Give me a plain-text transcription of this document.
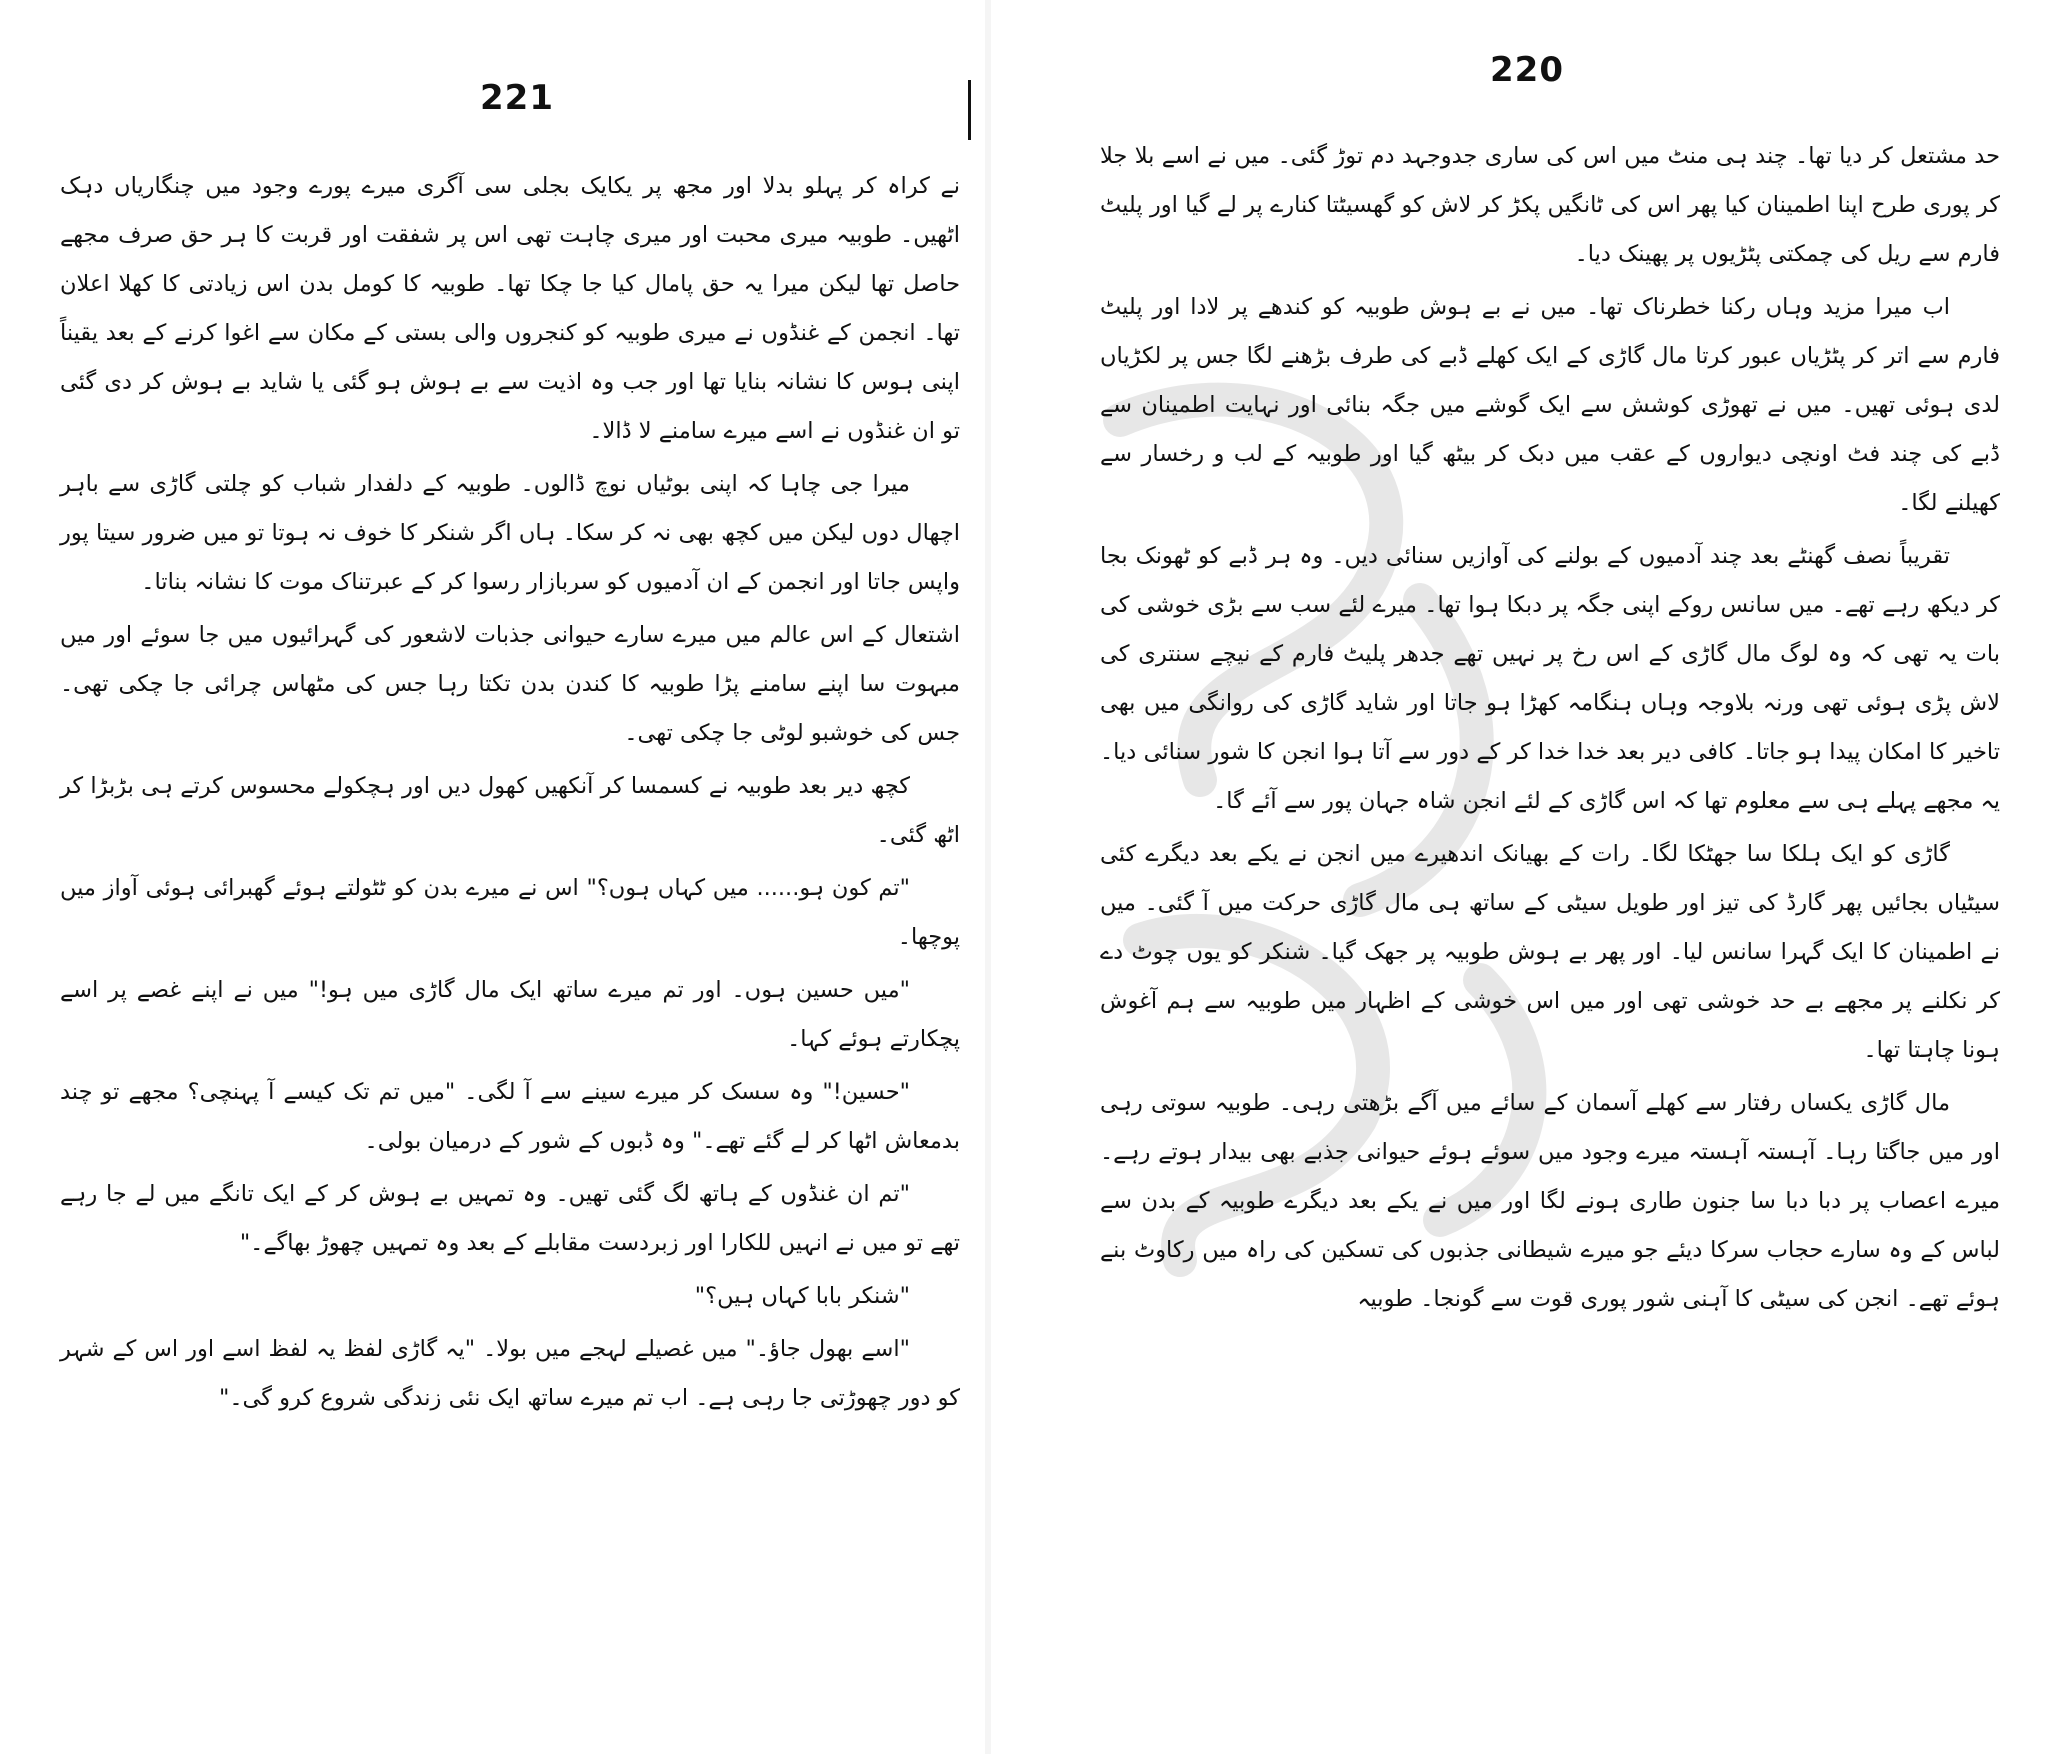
221

نے کراہ کر پہلو بدلا اور مجھ پر یکایک بجلی سی آگری میرے پورے وجود میں چنگاریاں دہک اٹھیں۔ طوبیہ میری محبت اور میری چاہت تھی اس پر شفقت اور قربت کا ہر حق صرف مجھے حاصل تھا لیکن میرا یہ حق پامال کیا جا چکا تھا۔ طوبیہ کا کومل بدن اس زیادتی کا کھلا اعلان تھا۔ انجمن کے غنڈوں نے میری طوبیہ کو کنجروں والی بستی کے مکان سے اغوا کرنے کے بعد یقیناً اپنی ہوس کا نشانہ بنایا تھا اور جب وہ اذیت سے بے ہوش ہو گئی یا شاید بے ہوش کر دی گئی تو ان غنڈوں نے اسے میرے سامنے لا ڈالا۔

میرا جی چاہا کہ اپنی بوٹیاں نوچ ڈالوں۔ طوبیہ کے دلفدار شباب کو چلتی گاڑی سے باہر اچھال دوں لیکن میں کچھ بھی نہ کر سکا۔ ہاں اگر شنکر کا خوف نہ ہوتا تو میں ضرور سیتا پور واپس جاتا اور انجمن کے ان آدمیوں کو سربازار رسوا کر کے عبرتناک موت کا نشانہ بناتا۔

اشتعال کے اس عالم میں میرے سارے حیوانی جذبات لاشعور کی گہرائیوں میں جا سوئے اور میں مبہوت سا اپنے سامنے پڑا طوبیہ کا کندن بدن تکتا رہا جس کی مٹھاس چرائی جا چکی تھی۔ جس کی خوشبو لوٹی جا چکی تھی۔

کچھ دیر بعد طوبیہ نے کسمسا کر آنکھیں کھول دیں اور ہچکولے محسوس کرتے ہی بڑبڑا کر اٹھ گئی۔

"تم کون ہو...... میں کہاں ہوں؟" اس نے میرے بدن کو ٹٹولتے ہوئے گھبرائی ہوئی آواز میں پوچھا۔

"میں حسین ہوں۔ اور تم میرے ساتھ ایک مال گاڑی میں ہو!" میں نے اپنے غصے پر اسے پچکارتے ہوئے کہا۔

"حسین!" وہ سسک کر میرے سینے سے آ لگی۔ "میں تم تک کیسے آ پہنچی؟ مجھے تو چند بدمعاش اٹھا کر لے گئے تھے۔" وہ ڈبوں کے شور کے درمیان بولی۔

"تم ان غنڈوں کے ہاتھ لگ گئی تھیں۔ وہ تمہیں بے ہوش کر کے ایک تانگے میں لے جا رہے تھے تو میں نے انہیں للکارا اور زبردست مقابلے کے بعد وہ تمہیں چھوڑ بھاگے۔"

"شنکر بابا کہاں ہیں؟"

"اسے بھول جاؤ۔" میں غصیلے لہجے میں بولا۔ "یہ گاڑی لفظ یہ لفظ اسے اور اس کے شہر کو دور چھوڑتی جا رہی ہے۔ اب تم میرے ساتھ ایک نئی زندگی شروع کرو گی۔"

220

حد مشتعل کر دیا تھا۔ چند ہی منٹ میں اس کی ساری جدوجہد دم توڑ گئی۔ میں نے اسے بلا جلا کر پوری طرح اپنا اطمینان کیا پھر اس کی ٹانگیں پکڑ کر لاش کو گھسیٹتا کنارے پر لے گیا اور پلیٹ فارم سے ریل کی چمکتی پٹڑیوں پر پھینک دیا۔

اب میرا مزید وہاں رکنا خطرناک تھا۔ میں نے بے ہوش طوبیہ کو کندھے پر لادا اور پلیٹ فارم سے اتر کر پٹڑیاں عبور کرتا مال گاڑی کے ایک کھلے ڈبے کی طرف بڑھنے لگا جس پر لکڑیاں لدی ہوئی تھیں۔ میں نے تھوڑی کوشش سے ایک گوشے میں جگہ بنائی اور نہایت اطمینان سے ڈبے کی چند فٹ اونچی دیواروں کے عقب میں دبک کر بیٹھ گیا اور طوبیہ کے لب و رخسار سے کھیلنے لگا۔

تقریباً نصف گھنٹے بعد چند آدمیوں کے بولنے کی آوازیں سنائی دیں۔ وہ ہر ڈبے کو ٹھونک بجا کر دیکھ رہے تھے۔ میں سانس روکے اپنی جگہ پر دبکا ہوا تھا۔ میرے لئے سب سے بڑی خوشی کی بات یہ تھی کہ وہ لوگ مال گاڑی کے اس رخ پر نہیں تھے جدھر پلیٹ فارم کے نیچے سنتری کی لاش پڑی ہوئی تھی ورنہ بلاوجہ وہاں ہنگامہ کھڑا ہو جاتا اور شاید گاڑی کی روانگی میں بھی تاخیر کا امکان پیدا ہو جاتا۔ کافی دیر بعد خدا خدا کر کے دور سے آتا ہوا انجن کا شور سنائی دیا۔ یہ مجھے پہلے ہی سے معلوم تھا کہ اس گاڑی کے لئے انجن شاہ جہان پور سے آئے گا۔

گاڑی کو ایک ہلکا سا جھٹکا لگا۔ رات کے بھیانک اندھیرے میں انجن نے یکے بعد دیگرے کئی سیٹیاں بجائیں پھر گارڈ کی تیز اور طویل سیٹی کے ساتھ ہی مال گاڑی حرکت میں آ گئی۔ میں نے اطمینان کا ایک گہرا سانس لیا۔ اور پھر بے ہوش طوبیہ پر جھک گیا۔ شنکر کو یوں چوٹ دے کر نکلنے پر مجھے بے حد خوشی تھی اور میں اس خوشی کے اظہار میں طوبیہ سے ہم آغوش ہونا چاہتا تھا۔

مال گاڑی یکساں رفتار سے کھلے آسمان کے سائے میں آگے بڑھتی رہی۔ طوبیہ سوتی رہی اور میں جاگتا رہا۔ آہستہ آہستہ میرے وجود میں سوئے ہوئے حیوانی جذبے بھی بیدار ہوتے رہے۔ میرے اعصاب پر دبا دبا سا جنون طاری ہونے لگا اور میں نے یکے بعد دیگرے طوبیہ کے بدن سے لباس کے وہ سارے حجاب سرکا دیئے جو میرے شیطانی جذبوں کی تسکین کی راہ میں رکاوٹ بنے ہوئے تھے۔ انجن کی سیٹی کا آہنی شور پوری قوت سے گونجا۔ طوبیہ
